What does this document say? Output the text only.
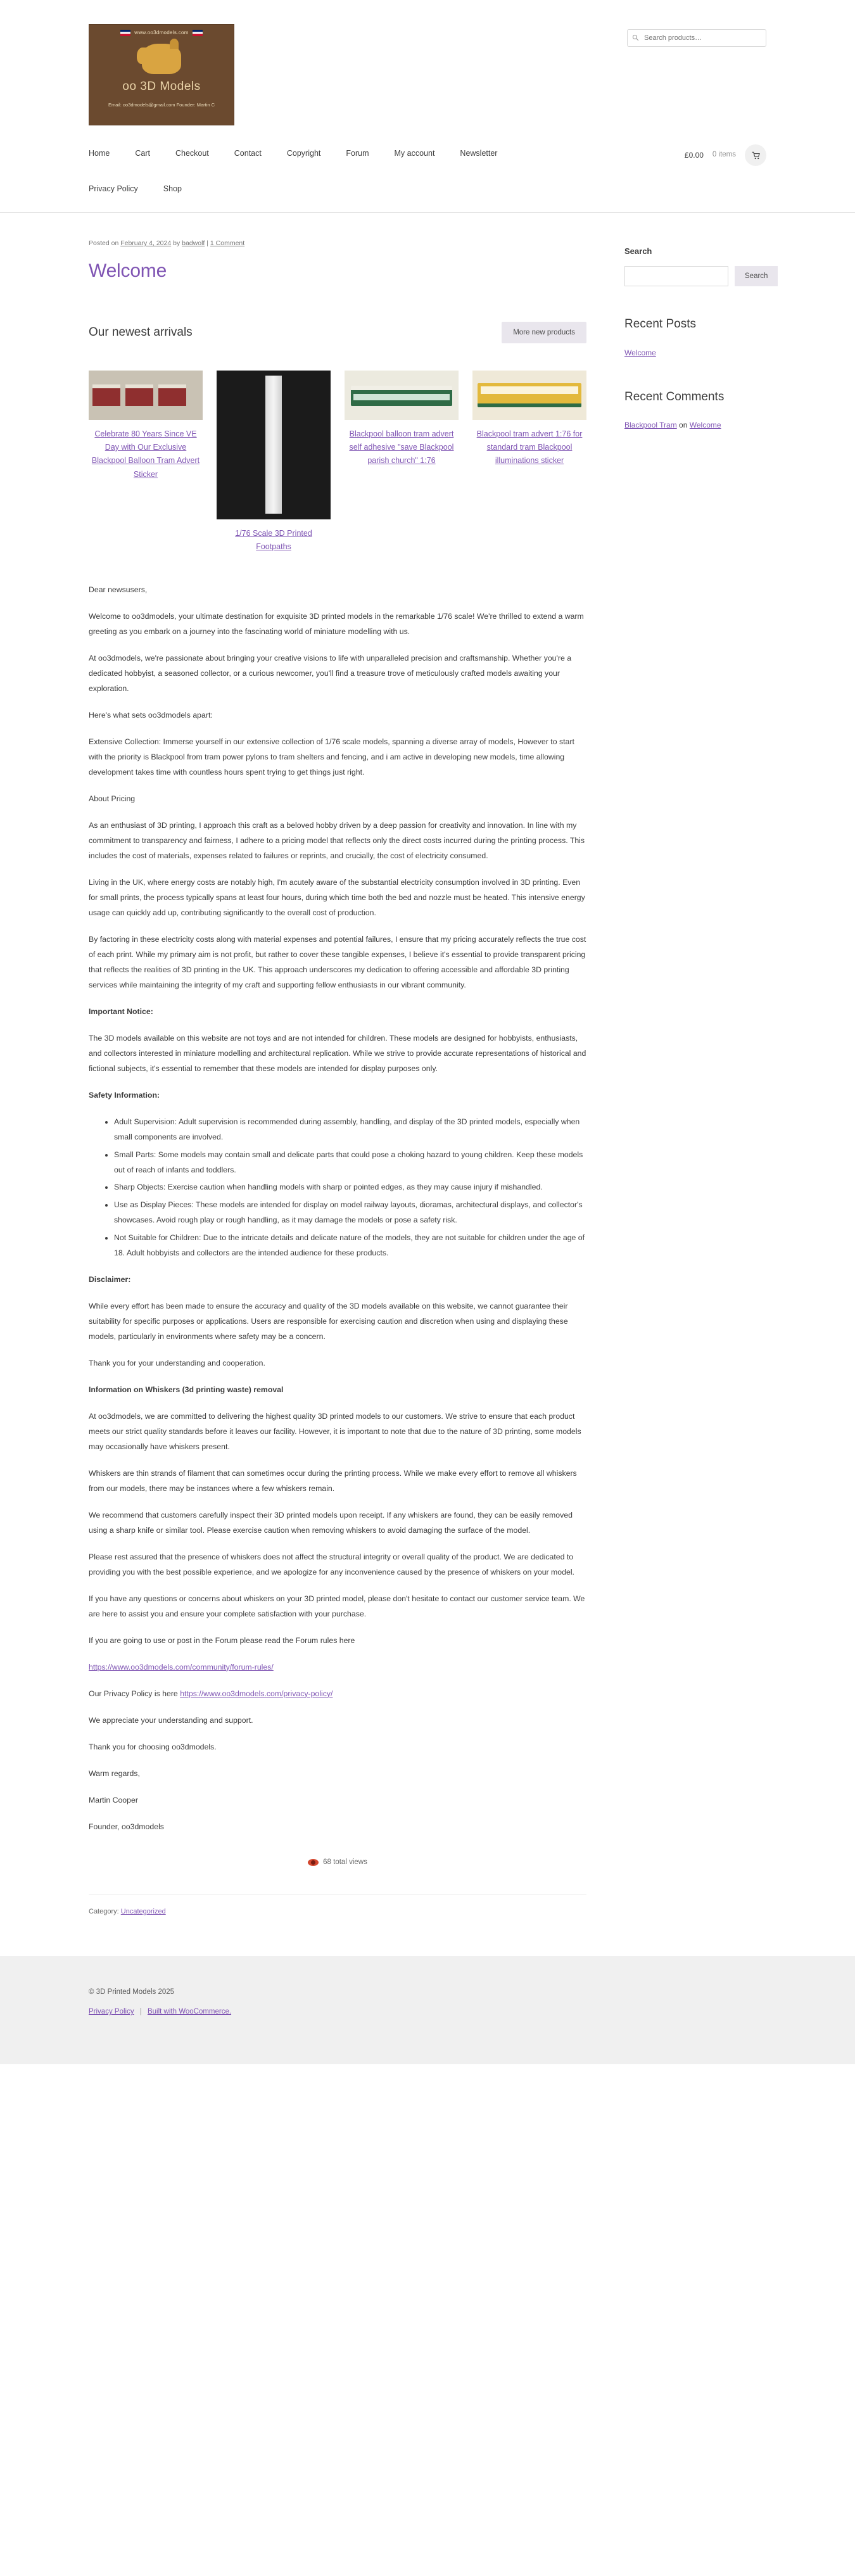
www.oo3dmodels.com
oo 3D Models
Email: oo3dmodels@gmail.com Founder: Martin C
Search products…
Home	Cart	Checkout	Contact	Copyright	Forum	My account	Newsletter	£0.00 0 items
Privacy Policy	Shop
Posted on February 4, 2024 by badwolf | 1 Comment
Welcome
Our newest arrivals	More new products
Celebrate 80 Years Since VE Day with Our Exclusive Blackpool Balloon Tram Advert Sticker
1/76 Scale 3D Printed Footpaths
Blackpool balloon tram advert self adhesive "save Blackpool parish church" 1:76
Blackpool tram advert 1:76 for standard tram Blackpool illuminations sticker

Dear newsusers,

Welcome to oo3dmodels, your ultimate destination for exquisite 3D printed models in the remarkable 1/76 scale! We're thrilled to extend a warm greeting as you embark on a journey into the fascinating world of miniature modelling with us.

At oo3dmodels, we're passionate about bringing your creative visions to life with unparalleled precision and craftsmanship. Whether you're a dedicated hobbyist, a seasoned collector, or a curious newcomer, you'll find a treasure trove of meticulously crafted models awaiting your exploration.

Here's what sets oo3dmodels apart:

Extensive Collection: Immerse yourself in our extensive collection of 1/76 scale models, spanning a diverse array of models, However to start with the priority is Blackpool from tram power pylons to tram shelters and fencing, and i am active in developing new models, time allowing development takes time with countless hours spent trying to get things just right.

About Pricing

As an enthusiast of 3D printing, I approach this craft as a beloved hobby driven by a deep passion for creativity and innovation. In line with my commitment to transparency and fairness, I adhere to a pricing model that reflects only the direct costs incurred during the printing process. This includes the cost of materials, expenses related to failures or reprints, and crucially, the cost of electricity consumed.

Living in the UK, where energy costs are notably high, I'm acutely aware of the substantial electricity consumption involved in 3D printing. Even for small prints, the process typically spans at least four hours, during which time both the bed and nozzle must be heated. This intensive energy usage can quickly add up, contributing significantly to the overall cost of production.

By factoring in these electricity costs along with material expenses and potential failures, I ensure that my pricing accurately reflects the true cost of each print. While my primary aim is not profit, but rather to cover these tangible expenses, I believe it's essential to provide transparent pricing that reflects the realities of 3D printing in the UK. This approach underscores my dedication to offering accessible and affordable 3D printing services while maintaining the integrity of my craft and supporting fellow enthusiasts in our vibrant community.

Important Notice:

The 3D models available on this website are not toys and are not intended for children. These models are designed for hobbyists, enthusiasts, and collectors interested in miniature modelling and architectural replication. While we strive to provide accurate representations of historical and fictional subjects, it's essential to remember that these models are intended for display purposes only.

Safety Information:

• Adult Supervision: Adult supervision is recommended during assembly, handling, and display of the 3D printed models, especially when small components are involved.
• Small Parts: Some models may contain small and delicate parts that could pose a choking hazard to young children. Keep these models out of reach of infants and toddlers.
• Sharp Objects: Exercise caution when handling models with sharp or pointed edges, as they may cause injury if mishandled.
• Use as Display Pieces: These models are intended for display on model railway layouts, dioramas, architectural displays, and collector's showcases. Avoid rough play or rough handling, as it may damage the models or pose a safety risk.
• Not Suitable for Children: Due to the intricate details and delicate nature of the models, they are not suitable for children under the age of 18. Adult hobbyists and collectors are the intended audience for these products.

Disclaimer:

While every effort has been made to ensure the accuracy and quality of the 3D models available on this website, we cannot guarantee their suitability for specific purposes or applications. Users are responsible for exercising caution and discretion when using and displaying these models, particularly in environments where safety may be a concern.

Thank you for your understanding and cooperation.

Information on Whiskers (3d printing waste) removal

At oo3dmodels, we are committed to delivering the highest quality 3D printed models to our customers. We strive to ensure that each product meets our strict quality standards before it leaves our facility. However, it is important to note that due to the nature of 3D printing, some models may occasionally have whiskers present.

Whiskers are thin strands of filament that can sometimes occur during the printing process. While we make every effort to remove all whiskers from our models, there may be instances where a few whiskers remain.

We recommend that customers carefully inspect their 3D printed models upon receipt. If any whiskers are found, they can be easily removed using a sharp knife or similar tool. Please exercise caution when removing whiskers to avoid damaging the surface of the model.

Please rest assured that the presence of whiskers does not affect the structural integrity or overall quality of the product. We are dedicated to providing you with the best possible experience, and we apologize for any inconvenience caused by the presence of whiskers on your model.

If you have any questions or concerns about whiskers on your 3D printed model, please don't hesitate to contact our customer service team. We are here to assist you and ensure your complete satisfaction with your purchase.

If you are going to use or post in the Forum please read the Forum rules here

https://www.oo3dmodels.com/community/forum-rules/

Our Privacy Policy is here https://www.oo3dmodels.com/privacy-policy/

We appreciate your understanding and support.

Thank you for choosing oo3dmodels.

Warm regards,

Martin Cooper

Founder, oo3dmodels

68 total views
Category: Uncategorized
Search
Search
Recent Posts
Welcome
Recent Comments
Blackpool Tram on Welcome

© 3D Printed Models 2025

Privacy Policy | Built with WooCommerce.
